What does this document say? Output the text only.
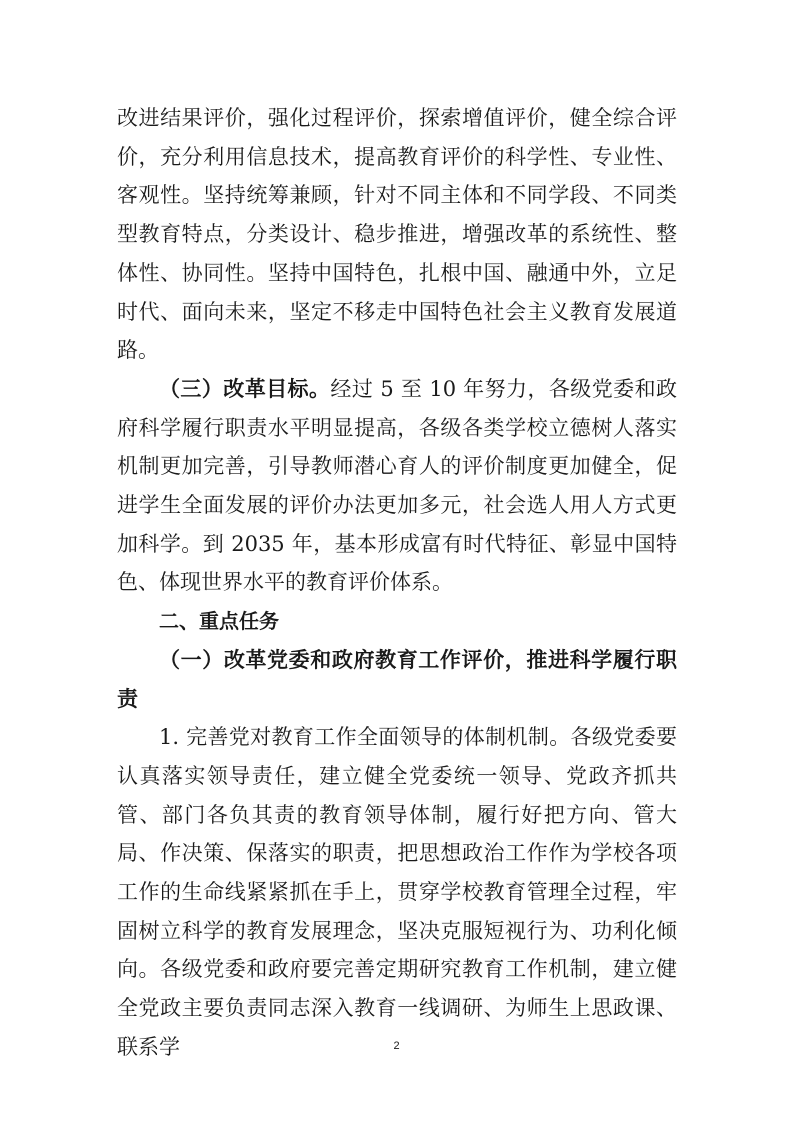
改进结果评价，强化过程评价，探索增值评价，健全综合评价，充分利用信息技术，提高教育评价的科学性、专业性、客观性。坚持统筹兼顾，针对不同主体和不同学段、不同类型教育特点，分类设计、稳步推进，增强改革的系统性、整体性、协同性。坚持中国特色，扎根中国、融通中外，立足时代、面向未来，坚定不移走中国特色社会主义教育发展道路。

（三）改革目标。经过 5 至 10 年努力，各级党委和政府科学履行职责水平明显提高，各级各类学校立德树人落实机制更加完善，引导教师潜心育人的评价制度更加健全，促进学生全面发展的评价办法更加多元，社会选人用人方式更加科学。到 2035 年，基本形成富有时代特征、彰显中国特色、体现世界水平的教育评价体系。

二、重点任务

（一）改革党委和政府教育工作评价，推进科学履行职责

1. 完善党对教育工作全面领导的体制机制。各级党委要认真落实领导责任，建立健全党委统一领导、党政齐抓共管、部门各负其责的教育领导体制，履行好把方向、管大局、作决策、保落实的职责，把思想政治工作作为学校各项工作的生命线紧紧抓在手上，贯穿学校教育管理全过程，牢固树立科学的教育发展理念，坚决克服短视行为、功利化倾向。各级党委和政府要完善定期研究教育工作机制，建立健全党政主要负责同志深入教育一线调研、为师生上思政课、联系学	2
